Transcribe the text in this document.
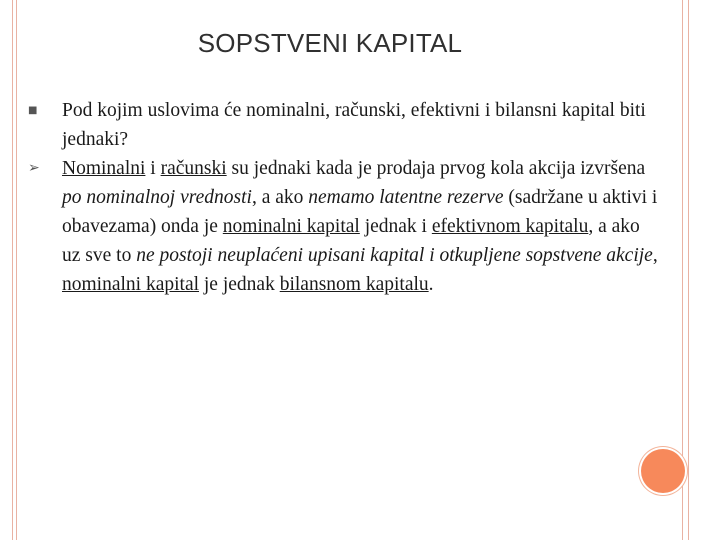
SOPSTVENI KAPITAL

■ Pod kojim uslovima će nominalni, računski, efektivni i bilansni kapital biti jednaki?

➢ Nominalni i računski su jednaki kada je prodaja prvog kola akcija izvršena po nominalnoj vrednosti, a ako nemamo latentne rezerve (sadržane u aktivi i obavezama) onda je nominalni kapital jednak i efektivnom kapitalu, a ako uz sve to ne postoji neuplaćeni upisani kapital i otkupljene sopstvene akcije, nominalni kapital je jednak bilansnom kapitalu.
